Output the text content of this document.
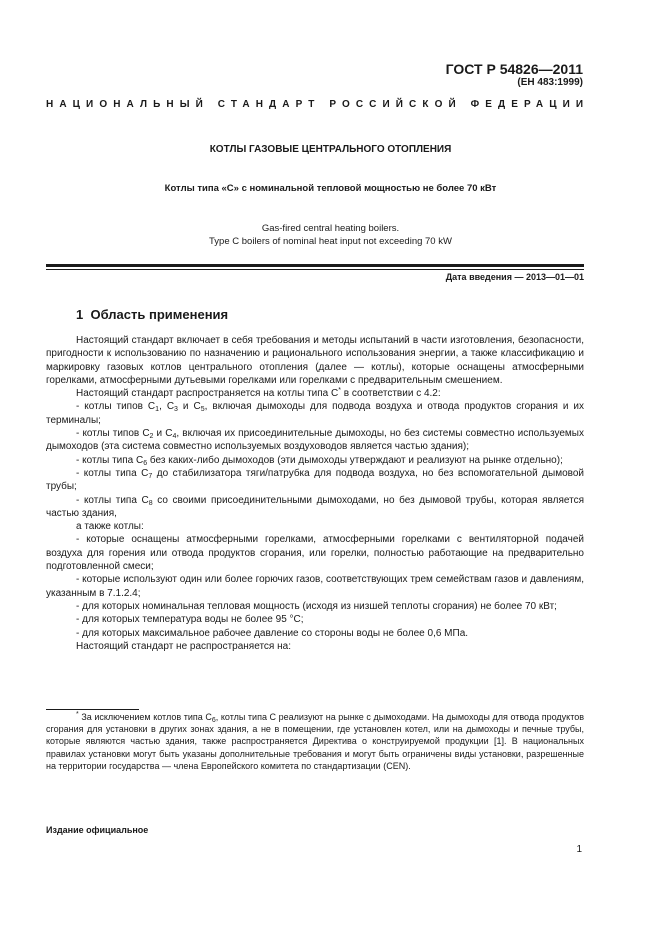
ГОСТ Р 54826—2011
(ЕН 483:1999)
НАЦИОНАЛЬНЫЙ СТАНДАРТ РОССИЙСКОЙ ФЕДЕРАЦИИ
КОТЛЫ ГАЗОВЫЕ ЦЕНТРАЛЬНОГО ОТОПЛЕНИЯ
Котлы типа «С» с номинальной тепловой мощностью не более 70 кВт
Gas-fired central heating boilers.
Type C boilers of nominal heat input not exceeding 70 kW
Дата введения — 2013—01—01
1 Область применения

Настоящий стандарт включает в себя требования и методы испытаний в части изготовления, безопасности, пригодности к использованию по назначению и рационального использования энергии, а также классификацию и маркировку газовых котлов центрального отопления (далее — котлы), которые оснащены атмосферными горелками, атмосферными дутьевыми горелками или горелками с предварительным смешением.

Настоящий стандарт распространяется на котлы типа С* в соответствии с 4.2:

- котлы типов $С_1$, $С_3$ и $С_5$, включая дымоходы для подвода воздуха и отвода продуктов сгорания и их терминалы;

- котлы типов $С_2$ и $С_4$, включая их присоединительные дымоходы, но без системы совместно используемых дымоходов (эта система совместно используемых воздуховодов является частью здания);

- котлы типа $С_6$ без каких-либо дымоходов (эти дымоходы утверждают и реализуют на рынке отдельно);

- котлы типа $С_7$ до стабилизатора тяги/патрубка для подвода воздуха, но без вспомогательной дымовой трубы;

- котлы типа $С_8$ со своими присоединительными дымоходами, но без дымовой трубы, которая является частью здания,

а также котлы:

- которые оснащены атмосферными горелками, атмосферными горелками с вентиляторной подачей воздуха для горения или отвода продуктов сгорания, или горелки, полностью работающие на предварительно подготовленной смеси;

- которые используют один или более горючих газов, соответствующих трем семействам газов и давлениям, указанным в 7.1.2.4;

- для которых номинальная тепловая мощность (исходя из низшей теплоты сгорания) не более 70 кВт;

- для которых температура воды не более 95 °С;

- для которых максимальное рабочее давление со стороны воды не более 0,6 МПа.

Настоящий стандарт не распространяется на:

* За исключением котлов типа $С_6$, котлы типа С реализуют на рынке с дымоходами. На дымоходы для отвода продуктов сгорания для установки в других зонах здания, а не в помещении, где установлен котел, или на дымоходы и печные трубы, которые являются частью здания, также распространяется Директива о конструируемой продукции [1]. В национальных правилах установки могут быть указаны дополнительные требования и могут быть ограничены виды установки, разрешенные на территории государства — члена Европейского комитета по стандартизации (CEN).

Издание официальное
1
